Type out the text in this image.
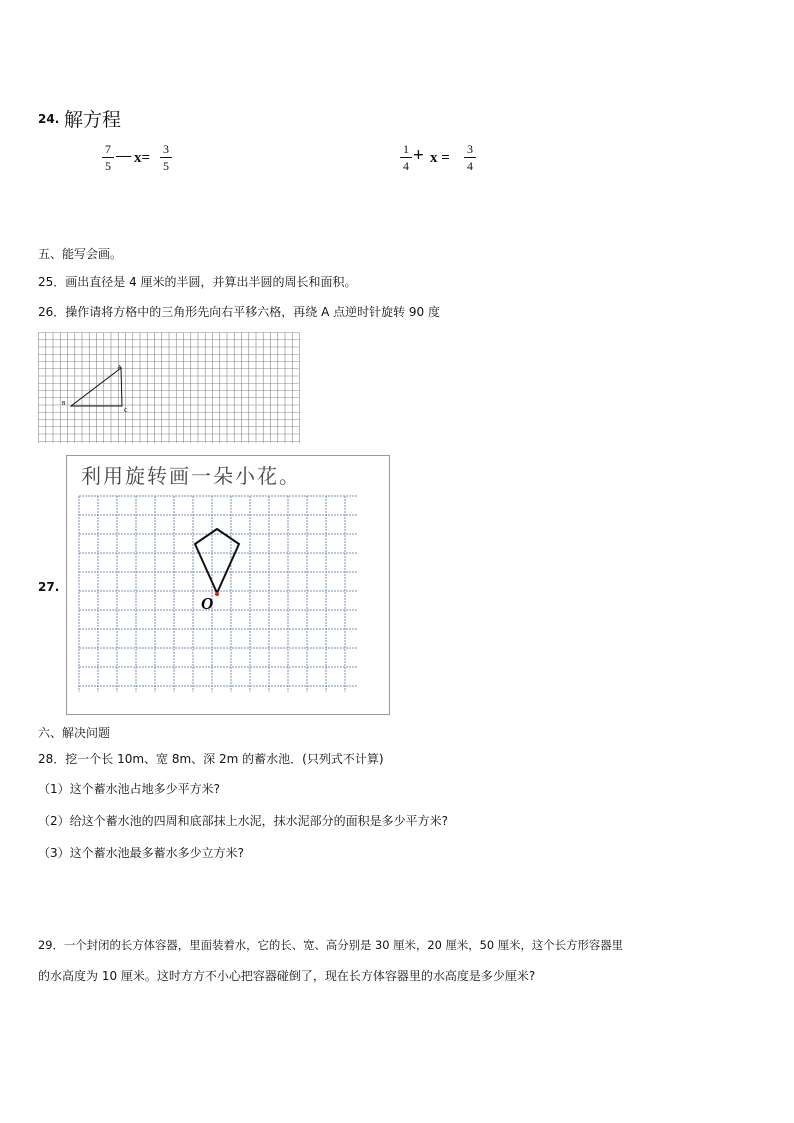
24. 解方程
7
5
— x=
3
5
1
4 + x =
3
4
五、能写会画。
25．画出直径是 4 厘米的半圆，并算出半圆的周长和面积。
26．操作请将方格中的三角形先向右平移六格，再绕 A 点逆时针旋转 90 度
A
B
C
27.
利用旋转画一朵小花。
O
六、解决问题
28．挖一个长 10m、宽 8m、深 2m 的蓄水池．(只列式不计算)
（1）这个蓄水池占地多少平方米?
（2）给这个蓄水池的四周和底部抹上水泥，抹水泥部分的面积是多少平方米?
（3）这个蓄水池最多蓄水多少立方米?
29．一个封闭的长方体容器，里面装着水，它的长、宽、高分别是 30 厘米，20 厘米，50 厘米，这个长方形容器里
的水高度为 10 厘米。这时方方不小心把容器碰倒了，现在长方体容器里的水高度是多少厘米?
